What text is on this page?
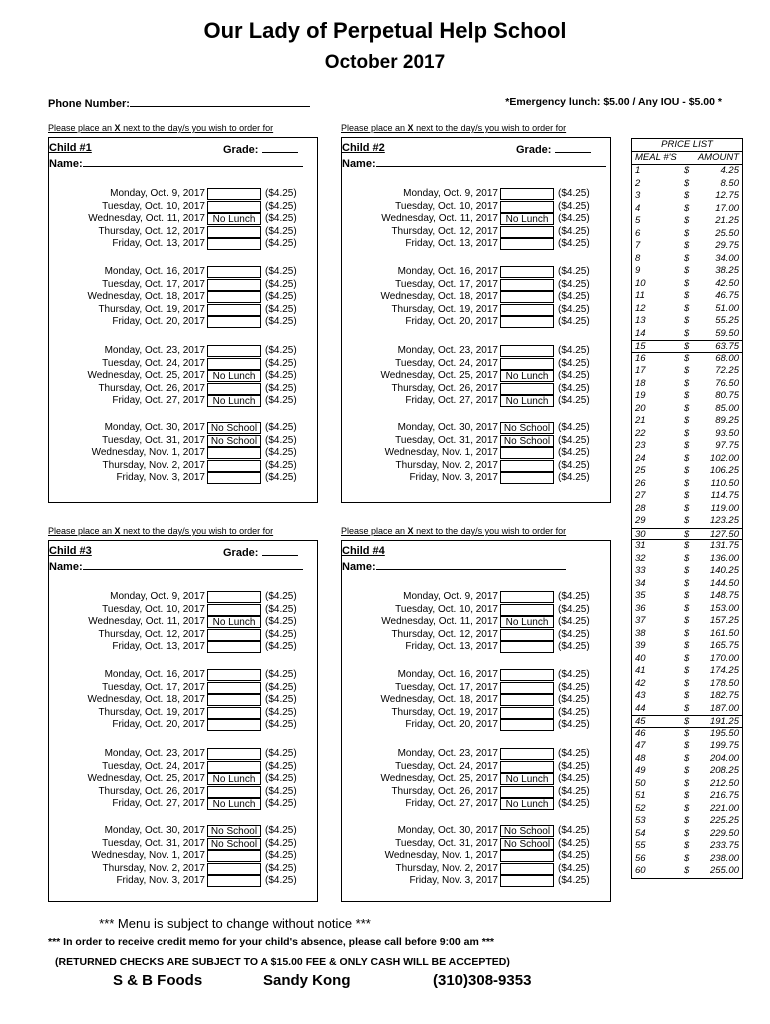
Our Lady of Perpetual Help School
October 2017
Phone Number:	*Emergency lunch: $5.00 / Any IOU - $5.00 *
Please place an X next to the day/s you wish to order for	Please place an X next to the day/s you wish to order for
Please place an X next to the day/s you wish to order for	Please place an X next to the day/s you wish to order for
Child #1	Grade:
Name:
Monday, Oct. 9, 2017	($4.25)
Tuesday, Oct. 10, 2017	($4.25)
Wednesday, Oct. 11, 2017 No Lunch ($4.25)
Thursday, Oct. 12, 2017	($4.25)
Friday, Oct. 13, 2017	($4.25)
Monday, Oct. 16, 2017	($4.25)
Tuesday, Oct. 17, 2017	($4.25)
Wednesday, Oct. 18, 2017	($4.25)
Thursday, Oct. 19, 2017	($4.25)
Friday, Oct. 20, 2017	($4.25)
Monday, Oct. 23, 2017	($4.25)
Tuesday, Oct. 24, 2017	($4.25)
Wednesday, Oct. 25, 2017 No Lunch ($4.25)
Thursday, Oct. 26, 2017	($4.25)
Friday, Oct. 27, 2017 No Lunch ($4.25)
Monday, Oct. 30, 2017 No School ($4.25)
Tuesday, Oct. 31, 2017 No School ($4.25)
Wednesday, Nov. 1, 2017	($4.25)
Thursday, Nov. 2, 2017	($4.25)
Friday, Nov. 3, 2017	($4.25)
Child #2	Grade:
Name:
Monday, Oct. 9, 2017	($4.25)
Tuesday, Oct. 10, 2017	($4.25)
Wednesday, Oct. 11, 2017 No Lunch ($4.25)
Thursday, Oct. 12, 2017	($4.25)
Friday, Oct. 13, 2017	($4.25)
Monday, Oct. 16, 2017	($4.25)
Tuesday, Oct. 17, 2017	($4.25)
Wednesday, Oct. 18, 2017	($4.25)
Thursday, Oct. 19, 2017	($4.25)
Friday, Oct. 20, 2017	($4.25)
Monday, Oct. 23, 2017	($4.25)
Tuesday, Oct. 24, 2017	($4.25)
Wednesday, Oct. 25, 2017 No Lunch ($4.25)
Thursday, Oct. 26, 2017	($4.25)
Friday, Oct. 27, 2017 No Lunch ($4.25)
Monday, Oct. 30, 2017 No School ($4.25)
Tuesday, Oct. 31, 2017 No School ($4.25)
Wednesday, Nov. 1, 2017	($4.25)
Thursday, Nov. 2, 2017	($4.25)
Friday, Nov. 3, 2017	($4.25)
Child #3	Grade:
Name:
Monday, Oct. 9, 2017	($4.25)
Tuesday, Oct. 10, 2017	($4.25)
Wednesday, Oct. 11, 2017 No Lunch ($4.25)
Thursday, Oct. 12, 2017	($4.25)
Friday, Oct. 13, 2017	($4.25)
Monday, Oct. 16, 2017	($4.25)
Tuesday, Oct. 17, 2017	($4.25)
Wednesday, Oct. 18, 2017	($4.25)
Thursday, Oct. 19, 2017	($4.25)
Friday, Oct. 20, 2017	($4.25)
Monday, Oct. 23, 2017	($4.25)
Tuesday, Oct. 24, 2017	($4.25)
Wednesday, Oct. 25, 2017 No Lunch ($4.25)
Thursday, Oct. 26, 2017	($4.25)
Friday, Oct. 27, 2017 No Lunch ($4.25)
Monday, Oct. 30, 2017 No School ($4.25)
Tuesday, Oct. 31, 2017 No School ($4.25)
Wednesday, Nov. 1, 2017	($4.25)
Thursday, Nov. 2, 2017	($4.25)
Friday, Nov. 3, 2017	($4.25)
Child #4
Name:
Monday, Oct. 9, 2017	($4.25)
Tuesday, Oct. 10, 2017	($4.25)
Wednesday, Oct. 11, 2017 No Lunch ($4.25)
Thursday, Oct. 12, 2017	($4.25)
Friday, Oct. 13, 2017	($4.25)
Monday, Oct. 16, 2017	($4.25)
Tuesday, Oct. 17, 2017	($4.25)
Wednesday, Oct. 18, 2017	($4.25)
Thursday, Oct. 19, 2017	($4.25)
Friday, Oct. 20, 2017	($4.25)
Monday, Oct. 23, 2017	($4.25)
Tuesday, Oct. 24, 2017	($4.25)
Wednesday, Oct. 25, 2017 No Lunch ($4.25)
Thursday, Oct. 26, 2017	($4.25)
Friday, Oct. 27, 2017 No Lunch ($4.25)
Monday, Oct. 30, 2017 No School ($4.25)
Tuesday, Oct. 31, 2017 No School ($4.25)
Wednesday, Nov. 1, 2017	($4.25)
Thursday, Nov. 2, 2017	($4.25)
Friday, Nov. 3, 2017	($4.25)
PRICE LIST
MEAL #'S AMOUNT
1	$	4.25
2	$	8.50
3	$	12.75
4	$	17.00
5	$	21.25
6	$	25.50
7	$	29.75
8	$	34.00
9	$	38.25
10	$	42.50
11	$	46.75
12	$	51.00
13	$	55.25
14	$	59.50
15	$	63.75
16	$	68.00
17	$	72.25
18	$	76.50
19	$	80.75
20	$	85.00
21	$	89.25
22	$	93.50
23	$	97.75
24	$ 102.00
25	$ 106.25
26	$ 110.50
27	$ 114.75
28	$ 119.00
29	$ 123.25
30	$ 127.50
31	$ 131.75
32	$ 136.00
33	$ 140.25
34	$ 144.50
35	$ 148.75
36	$ 153.00
37	$ 157.25
38	$ 161.50
39	$ 165.75
40	$ 170.00
41	$ 174.25
42	$ 178.50
43	$ 182.75
44	$ 187.00
45	$ 191.25
46	$ 195.50
47	$ 199.75
48	$ 204.00
49	$ 208.25
50	$ 212.50
51	$ 216.75
52	$ 221.00
53	$ 225.25
54	$ 229.50
55	$ 233.75
56	$ 238.00
60	$ 255.00
*** Menu is subject to change without notice ***
*** In order to receive credit memo for your child's absence, please call before 9:00 am ***
(RETURNED CHECKS ARE SUBJECT TO A $15.00 FEE & ONLY CASH WILL BE ACCEPTED)
S & B Foods	Sandy Kong	(310)308-9353
